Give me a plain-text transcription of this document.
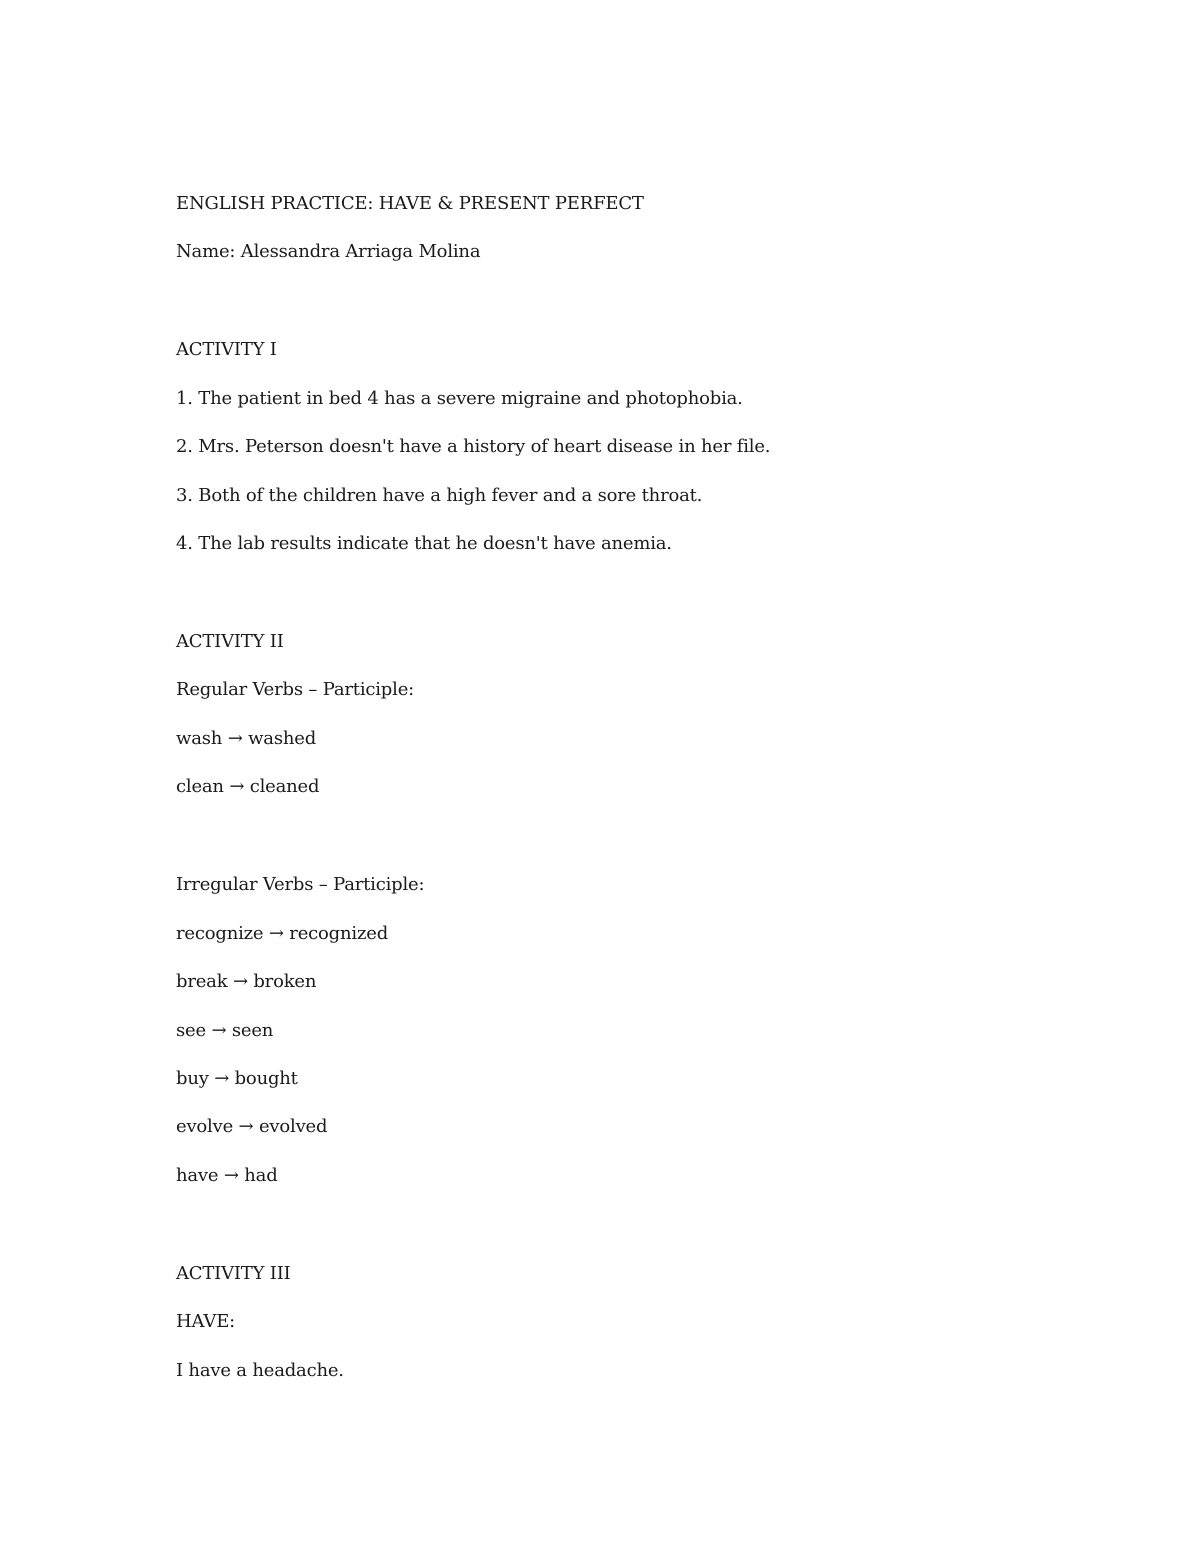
ENGLISH PRACTICE: HAVE & PRESENT PERFECT

Name: Alessandra Arriaga Molina

ACTIVITY I

1. The patient in bed 4 has a severe migraine and photophobia.

2. Mrs. Peterson doesn't have a history of heart disease in her file.

3. Both of the children have a high fever and a sore throat.

4. The lab results indicate that he doesn't have anemia.

ACTIVITY II

Regular Verbs – Participle:

wash → washed

clean → cleaned

Irregular Verbs – Participle:

recognize → recognized

break → broken

see → seen

buy → bought

evolve → evolved

have → had

ACTIVITY III

HAVE:

I have a headache.
